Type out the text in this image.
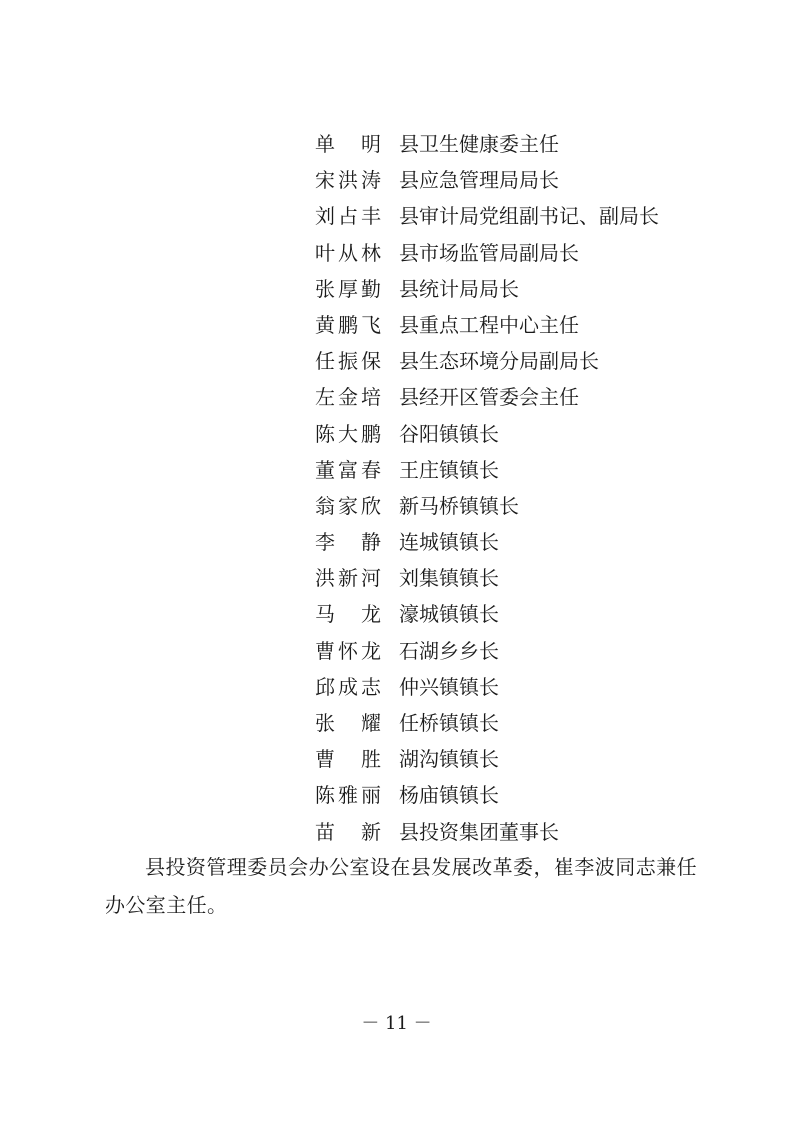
单　明 县卫生健康委主任
宋洪涛 县应急管理局局长
刘占丰 县审计局党组副书记、副局长
叶从林 县市场监管局副局长
张厚勤 县统计局局长
黄鹏飞 县重点工程中心主任
任振保 县生态环境分局副局长
左金培 县经开区管委会主任
陈大鹏 谷阳镇镇长
董富春 王庄镇镇长
翁家欣 新马桥镇镇长
李　静 连城镇镇长
洪新河 刘集镇镇长
马　龙 濠城镇镇长
曹怀龙 石湖乡乡长
邱成志 仲兴镇镇长
张　耀 任桥镇镇长
曹　胜 湖沟镇镇长
陈雅丽 杨庙镇镇长
苗　新 县投资集团董事长

县投资管理委员会办公室设在县发展改革委，崔李波同志兼任办公室主任。

－ 11 －
